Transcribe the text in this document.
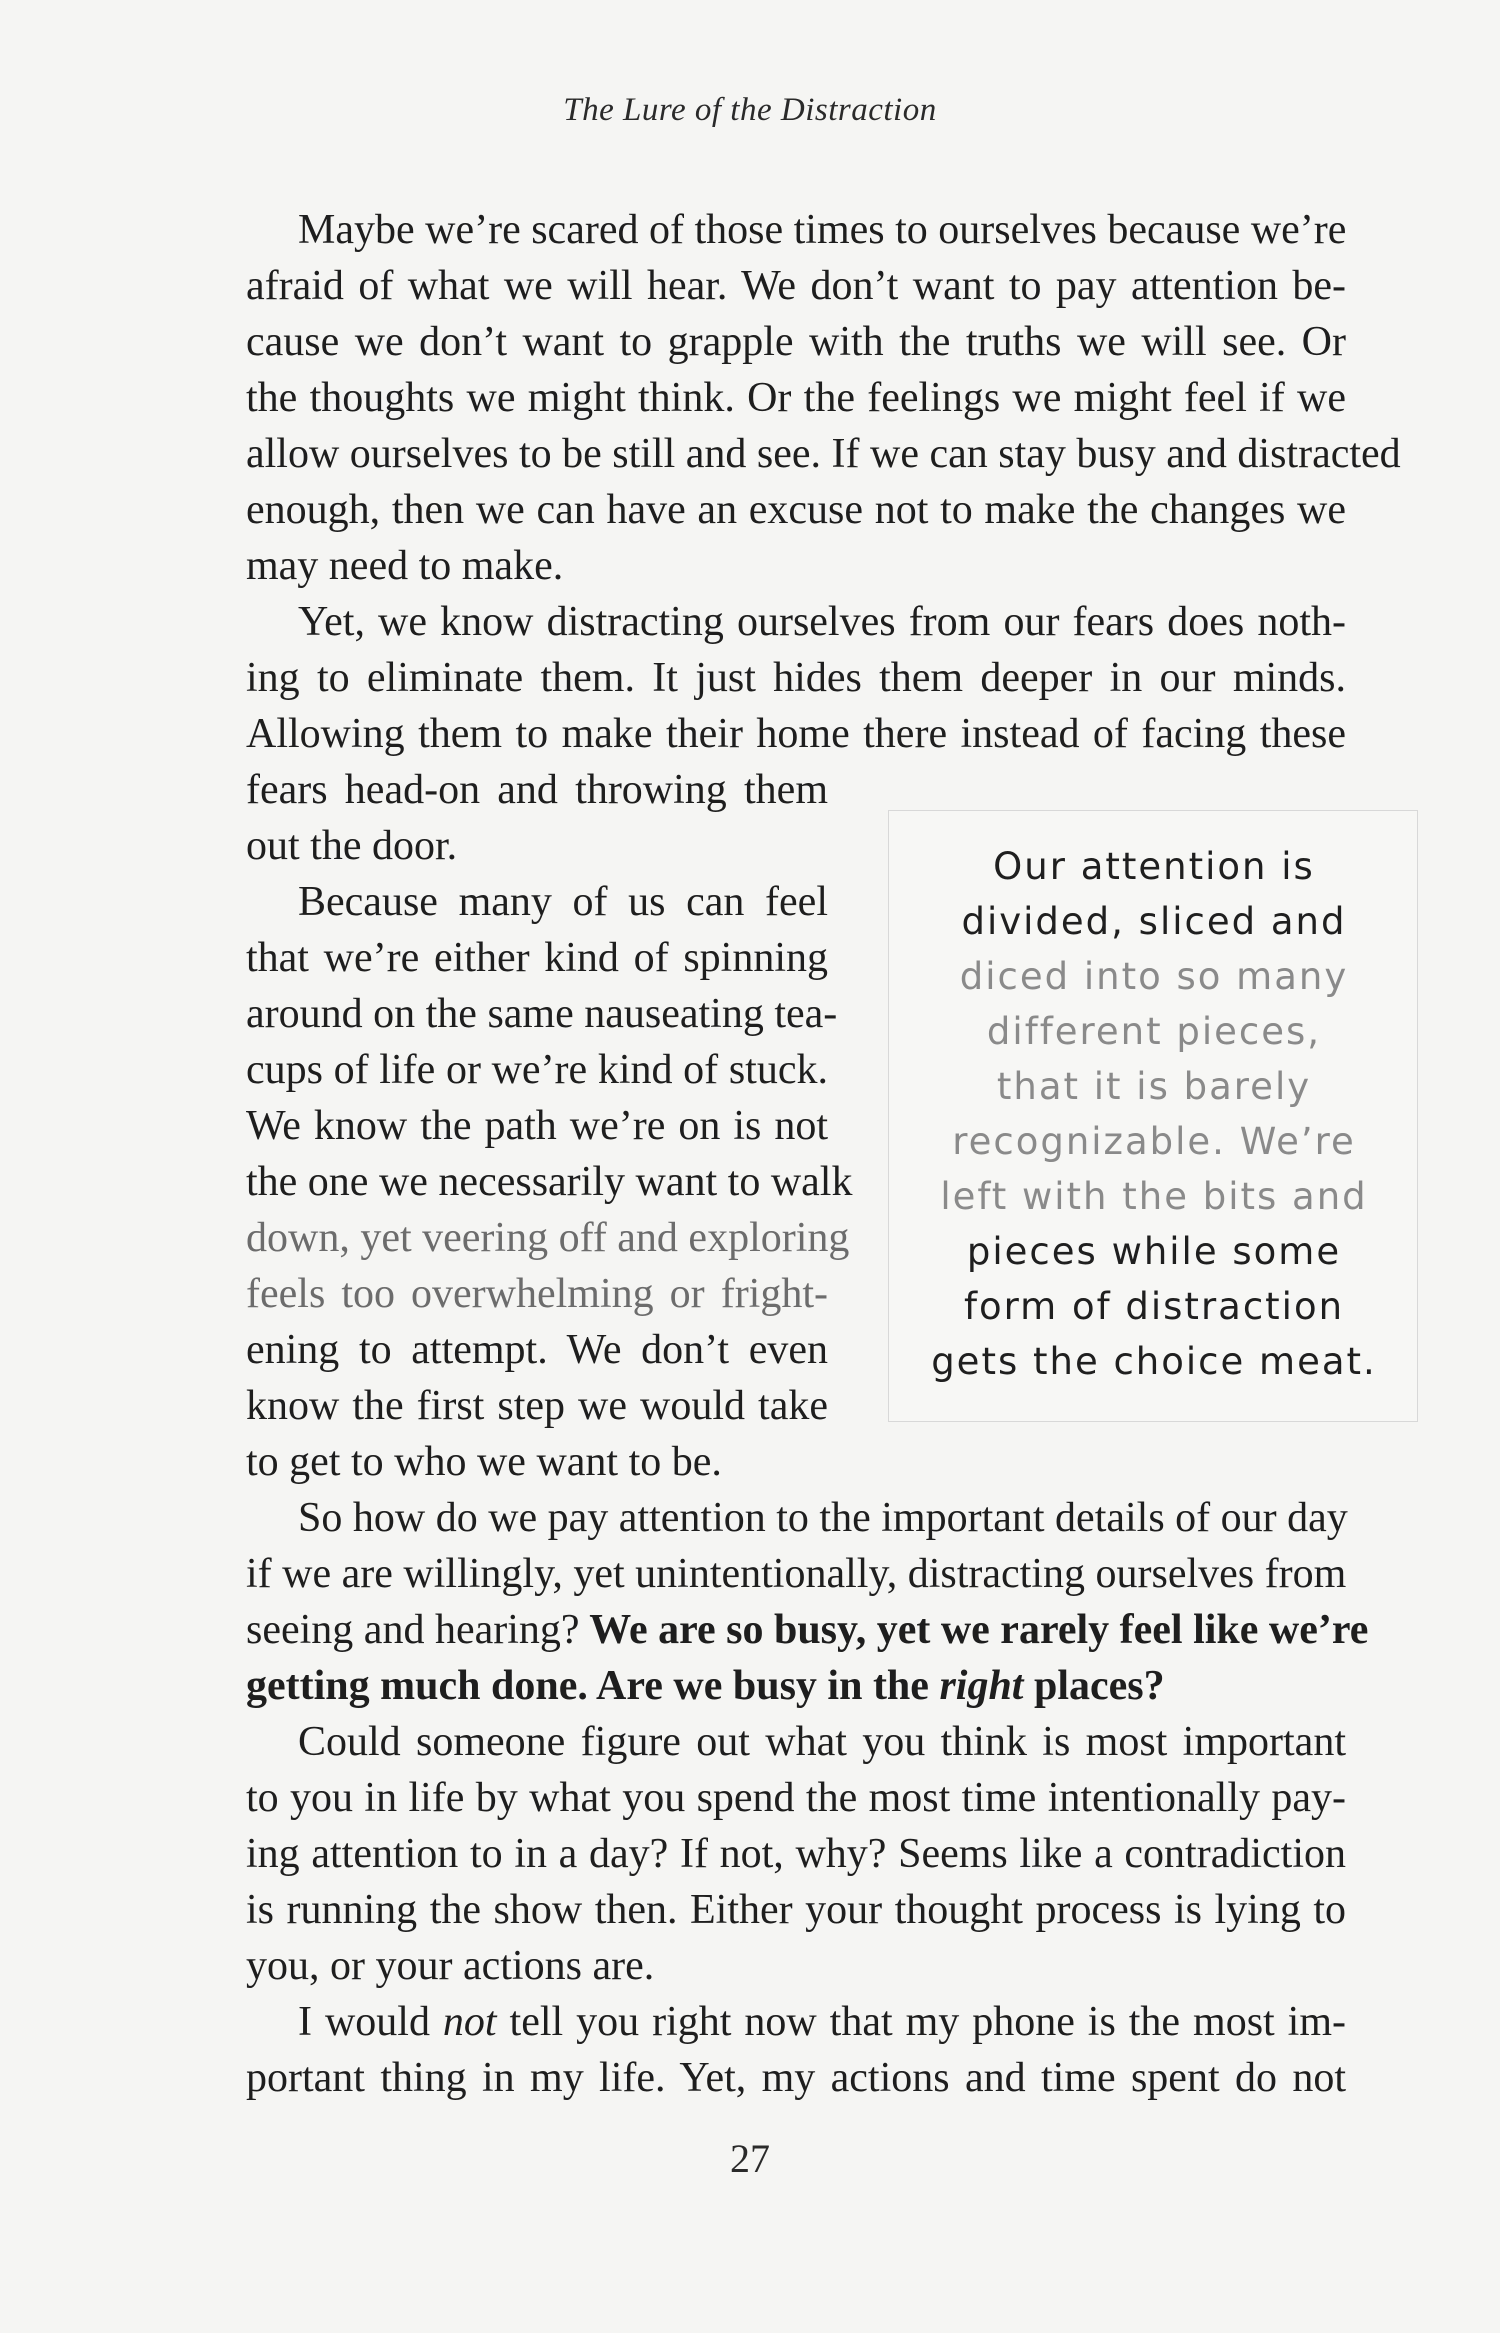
The Lure of the Distraction
Maybe we’re scared of those times to ourselves because we’re
afraid of what we will hear. We don’t want to pay attention be-
cause we don’t want to grapple with the truths we will see. Or
the thoughts we might think. Or the feelings we might feel if we
allow ourselves to be still and see. If we can stay busy and distracted
enough, then we can have an excuse not to make the changes we
may need to make.
Yet, we know distracting ourselves from our fears does noth-
ing to eliminate them. It just hides them deeper in our minds.
Allowing them to make their home there instead of facing these
fears head-on and throwing them
out the door.
Because many of us can feel
that we’re either kind of spinning
around on the same nauseating tea-
cups of life or we’re kind of stuck.
We know the path we’re on is not
the one we necessarily want to walk
down, yet veering off and exploring
feels too overwhelming or fright-
ening to attempt. We don’t even
know the first step we would take
to get to who we want to be.
So how do we pay attention to the important details of our day
if we are willingly, yet unintentionally, distracting ourselves from
seeing and hearing? We are so busy, yet we rarely feel like we’re
getting much done. Are we busy in the right places?
Could someone figure out what you think is most important
to you in life by what you spend the most time intentionally pay-
ing attention to in a day? If not, why? Seems like a contradiction
is running the show then. Either your thought process is lying to
you, or your actions are.
I would not tell you right now that my phone is the most im-
portant thing in my life. Yet, my actions and time spent do not
Our attention is
divided, sliced and
diced into so many
different pieces,
that it is barely
recognizable. We’re
left with the bits and
pieces while some
form of distraction
gets the choice meat.
27
